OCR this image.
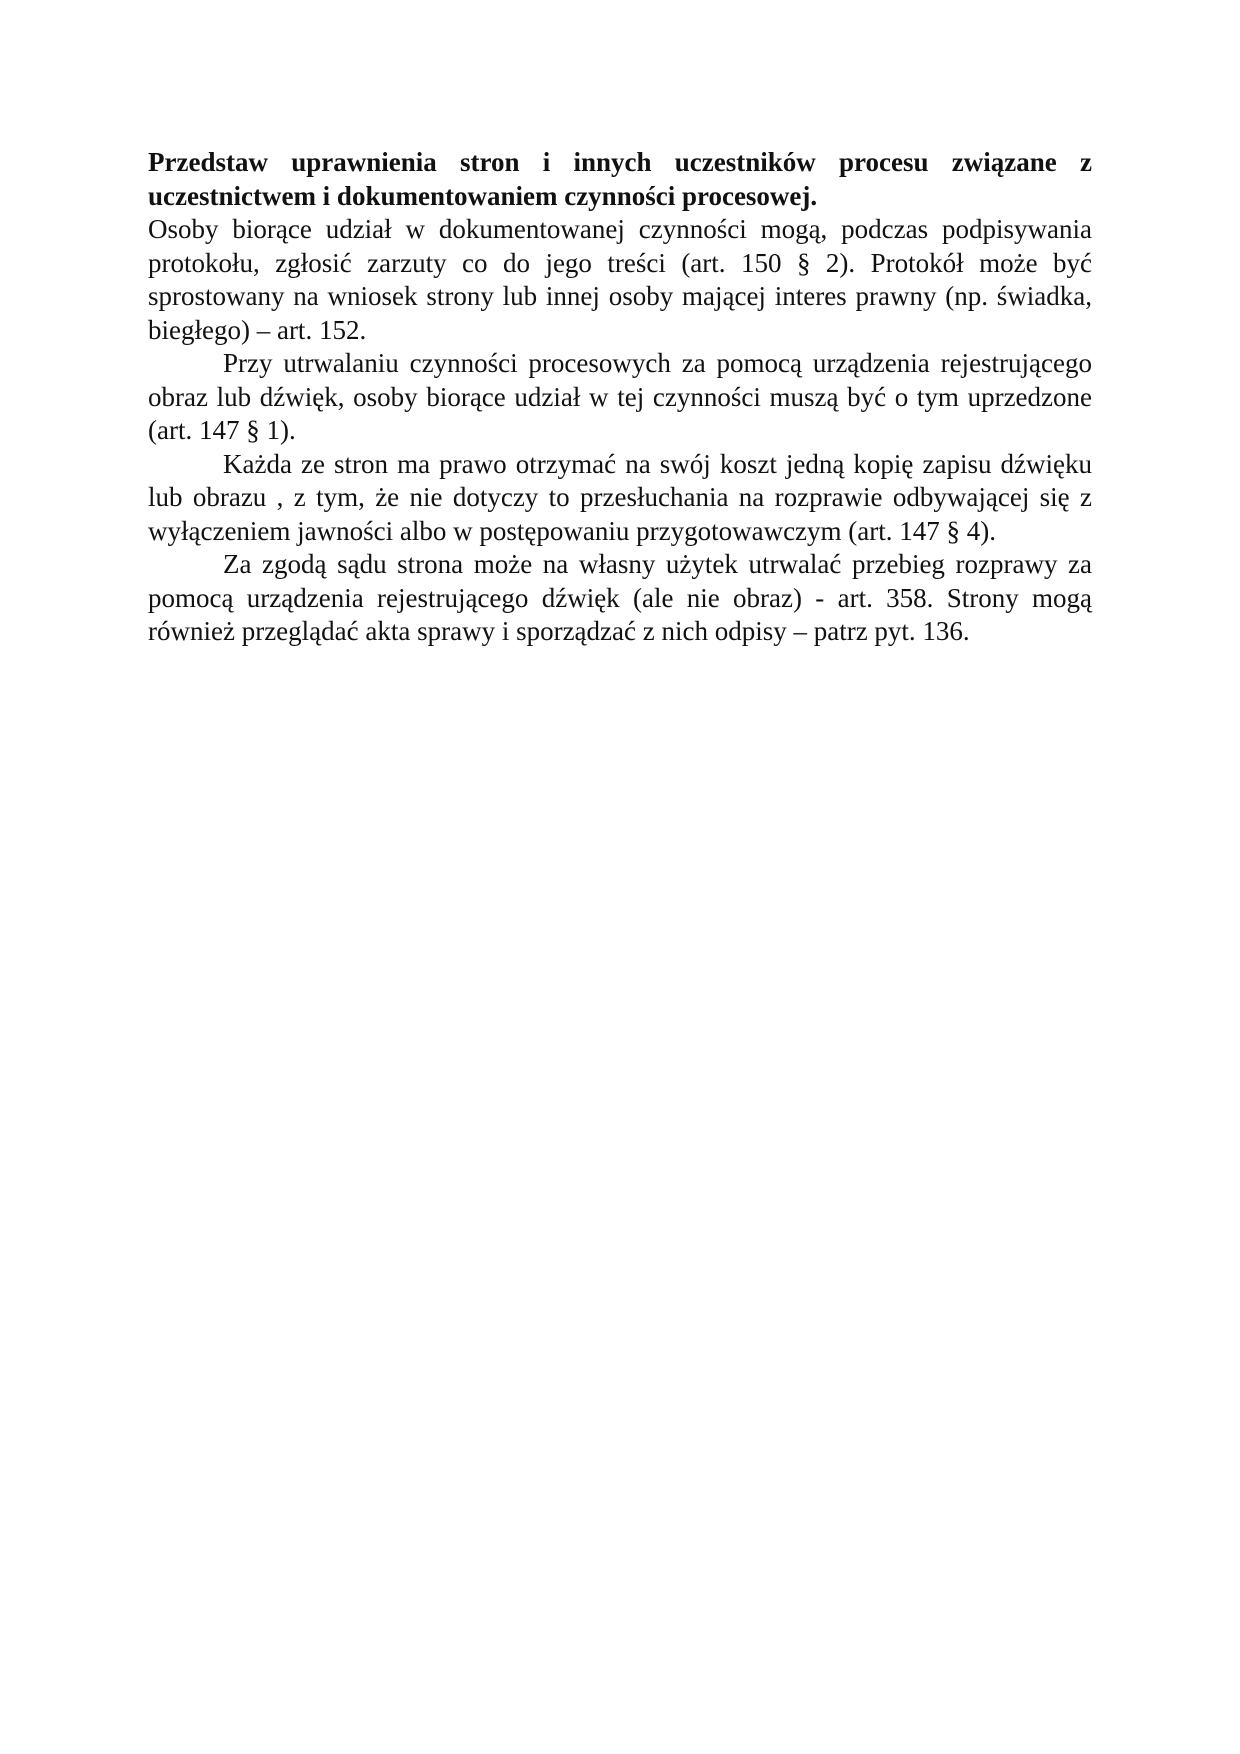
Przedstaw uprawnienia stron i innych uczestników procesu związane z uczestnictwem i dokumentowaniem czynności procesowej.

Osoby biorące udział w dokumentowanej czynności mogą, podczas podpisywania protokołu, zgłosić zarzuty co do jego treści (art. 150 § 2). Protokół może być sprostowany na wniosek strony lub innej osoby mającej interes prawny (np. świadka, biegłego) – art. 152.

Przy utrwalaniu czynności procesowych za pomocą urządzenia rejestrującego obraz lub dźwięk, osoby biorące udział w tej czynności muszą być o tym uprzedzone (art. 147 § 1).

Każda ze stron ma prawo otrzymać na swój koszt jedną kopię zapisu dźwięku lub obrazu , z tym, że nie dotyczy to przesłuchania na rozprawie odbywającej się z wyłączeniem jawności albo w postępowaniu przygotowawczym (art. 147 § 4).

Za zgodą sądu strona może na własny użytek utrwalać przebieg rozprawy za pomocą urządzenia rejestrującego dźwięk (ale nie obraz) - art. 358. Strony mogą również przeglądać akta sprawy i sporządzać z nich odpisy – patrz pyt. 136.
